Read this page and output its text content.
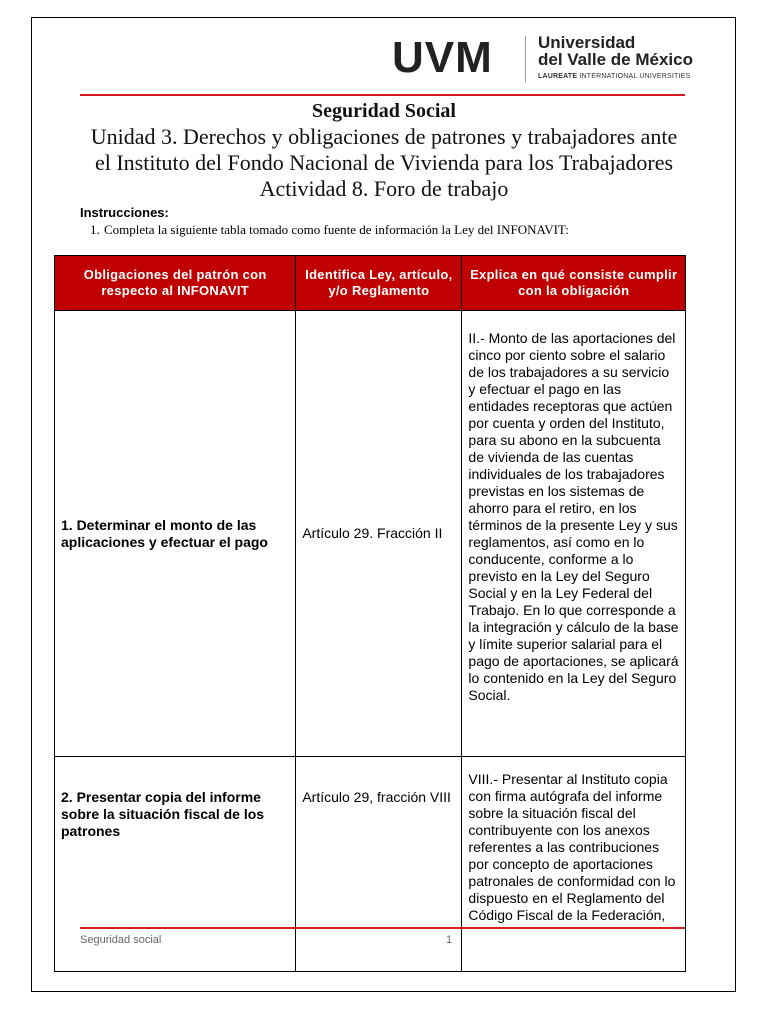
UVM	Universidad
del Valle de México
LAUREATE INTERNATIONAL UNIVERSITIES
Seguridad Social
Unidad 3. Derechos y obligaciones de patrones y trabajadores ante
el Instituto del Fondo Nacional de Vivienda para los Trabajadores
Actividad 8. Foro de trabajo
Instrucciones:
1. Completa la siguiente tabla tomado como fuente de información la Ley del INFONAVIT:
Obligaciones del patrón con respecto al INFONAVIT	Identifica Ley, artículo, y/o Reglamento	Explica en qué consiste cumplir con la obligación

1. Determinar el monto de las aplicaciones y efectuar el pago	Artículo 29. Fracción II	II.- Monto de las aportaciones del cinco por ciento sobre el salario de los trabajadores a su servicio y efectuar el pago en las entidades receptoras que actúen por cuenta y orden del Instituto, para su abono en la subcuenta de vivienda de las cuentas individuales de los trabajadores previstas en los sistemas de ahorro para el retiro, en los términos de la presente Ley y sus reglamentos, así como en lo conducente, conforme a lo previsto en la Ley del Seguro Social y en la Ley Federal del Trabajo. En lo que corresponde a la integración y cálculo de la base y límite superior salarial para el pago de aportaciones, se aplicará lo contenido en la Ley del Seguro Social.

2. Presentar copia del informe sobre la situación fiscal de los patrones	Artículo 29, fracción VIII	VIII.- Presentar al Instituto copia con firma autógrafa del informe sobre la situación fiscal del contribuyente con los anexos referentes a las contribuciones por concepto de aportaciones patronales de conformidad con lo dispuesto en el Reglamento del Código Fiscal de la Federación,
Seguridad social	1
